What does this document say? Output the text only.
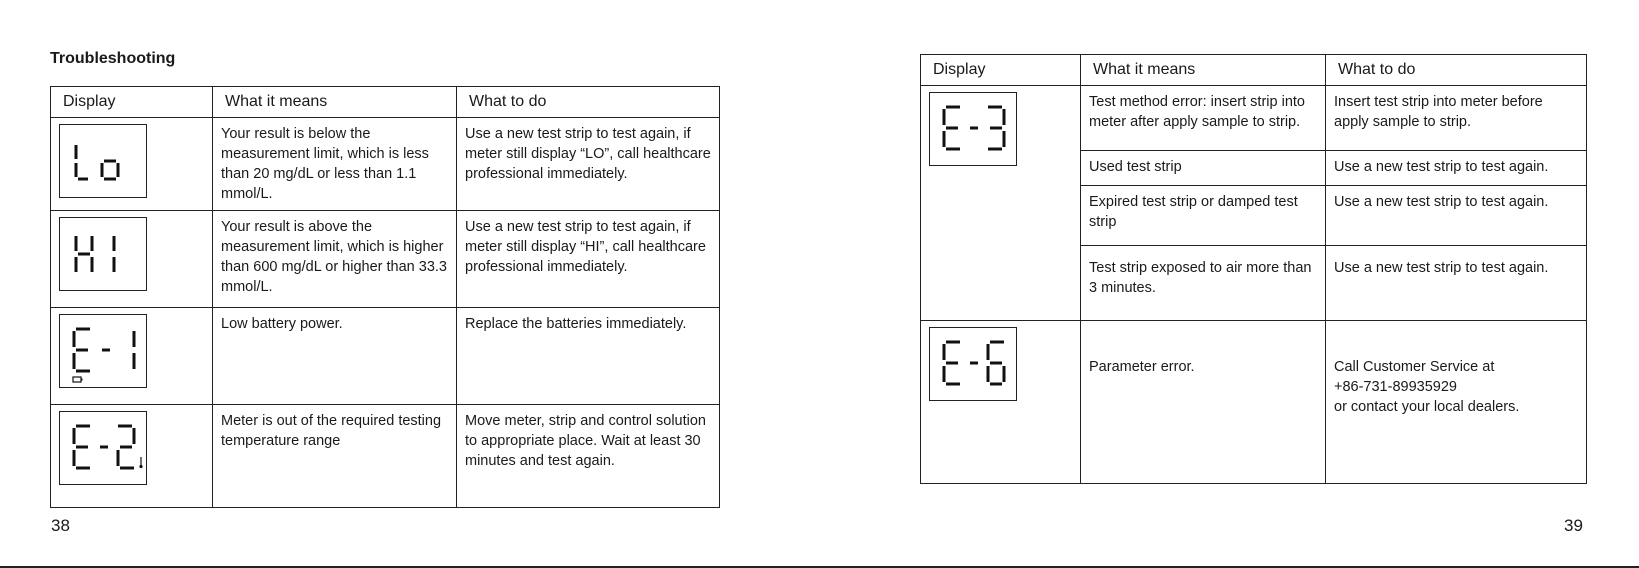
Troubleshooting
Display	What it means	What to do

	Your result is below the measurement limit, which is less than 20 mg/dL or less than 1.1 mmol/L.	Use a new test strip to test again, if meter still display “LO”, call healthcare professional immediately.

	Your result is above the measurement limit, which is higher than 600 mg/dL or higher than 33.3 mmol/L.	Use a new test strip to test again, if meter still display “HI”, call healthcare professional immediately.

	Low battery power.	Replace the batteries immediately.

	Meter is out of the required testing temperature range	Move meter, strip and control solution to appropriate place. Wait at least 30 minutes and test again.
38
Display	What it means	What to do

	Test method error: insert strip into meter after apply sample to strip.	Insert test strip into meter before apply sample to strip.
	Used test strip	Use a new test strip to test again.
	Expired test strip or damped test strip	Use a new test strip to test again.
	Test strip exposed to air more than 3 minutes.	Use a new test strip to test again.

	Parameter error.	Call Customer Service at
+86-731-89935929
or contact your local dealers.
39
